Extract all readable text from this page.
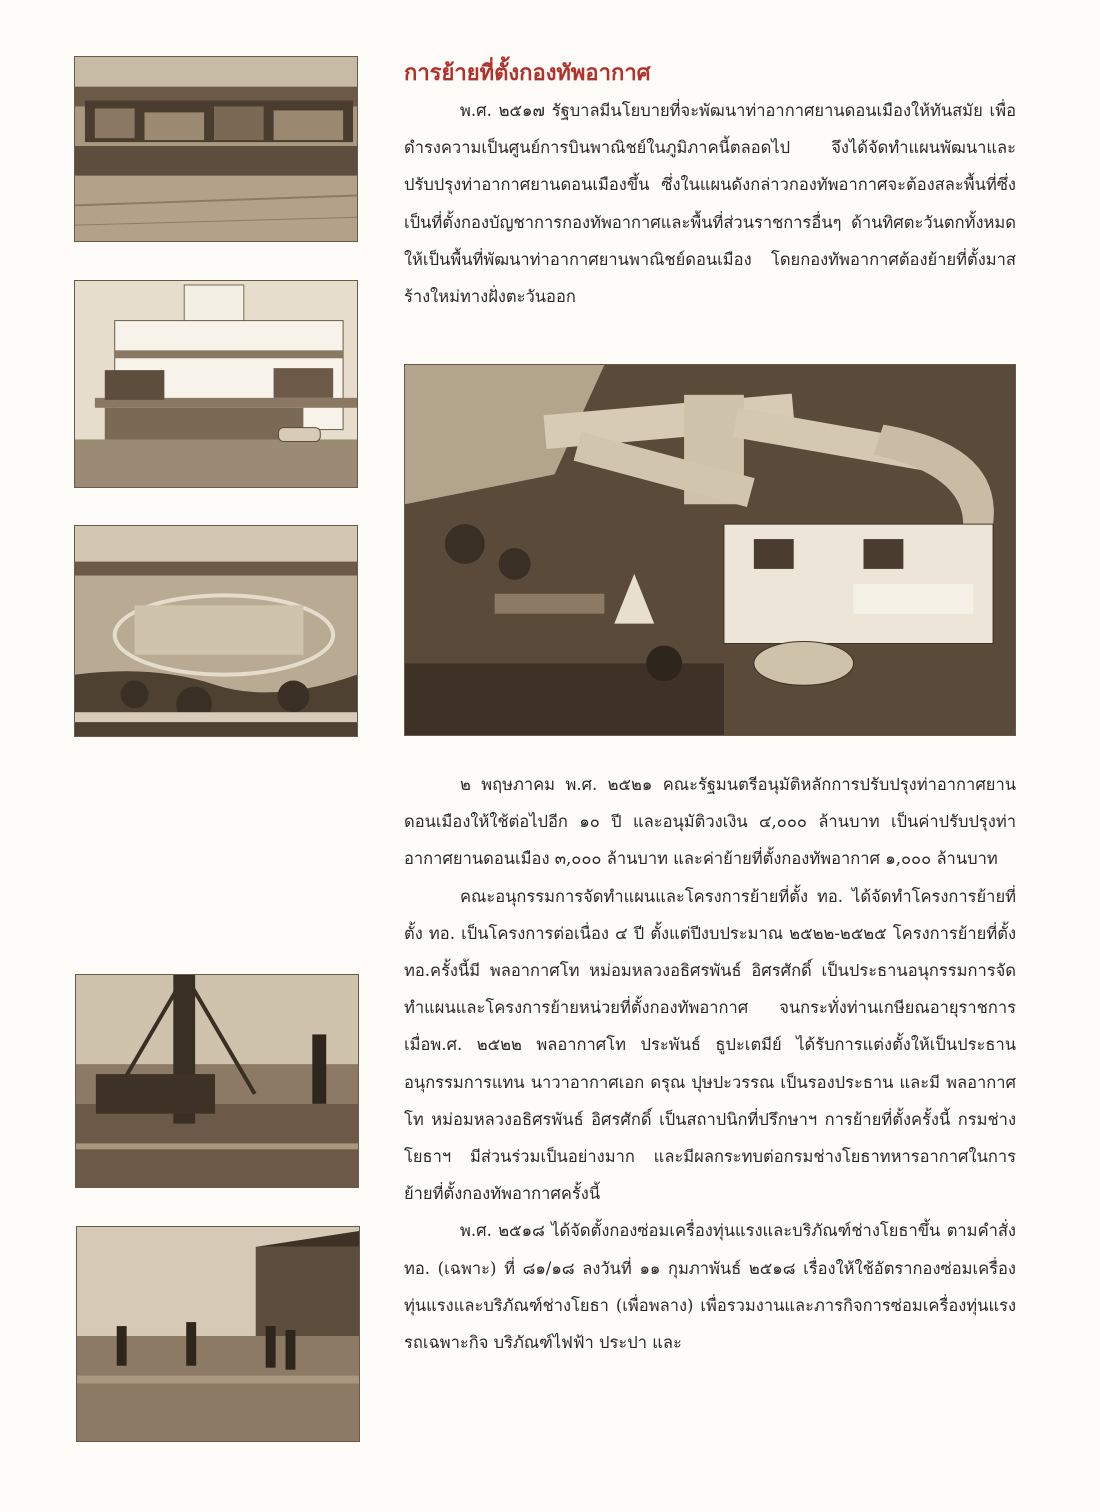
การย้ายที่ตั้งกองทัพอากาศ

พ.ศ. ๒๕๑๗ รัฐบาลมีนโยบายที่จะพัฒนาท่าอากาศยานดอนเมืองให้ทันสมัย เพื่อดำรงความเป็นศูนย์การบินพาณิชย์ในภูมิภาคนี้ตลอดไป จึงได้จัดทำแผนพัฒนาและปรับปรุงท่าอากาศยานดอนเมืองขึ้น ซึ่งในแผนดังกล่าวกองทัพอากาศจะต้องสละพื้นที่ซึ่งเป็นที่ตั้งกองบัญชาการกองทัพอากาศและพื้นที่ส่วนราชการอื่นๆ ด้านทิศตะวันตกทั้งหมด ให้เป็นพื้นที่พัฒนาท่าอากาศยานพาณิชย์ดอนเมือง โดยกองทัพอากาศต้องย้ายที่ตั้งมาสร้างใหม่ทางฝั่งตะวันออก

๒ พฤษภาคม พ.ศ. ๒๕๒๑ คณะรัฐมนตรีอนุมัติหลักการปรับปรุงท่าอากาศยานดอนเมืองให้ใช้ต่อไปอีก ๑๐ ปี และอนุมัติวงเงิน ๔,๐๐๐ ล้านบาท เป็นค่าปรับปรุงท่าอากาศยานดอนเมือง ๓,๐๐๐ ล้านบาท และค่าย้ายที่ตั้งกองทัพอากาศ ๑,๐๐๐ ล้านบาท

คณะอนุกรรมการจัดทำแผนและโครงการย้ายที่ตั้ง ทอ. ได้จัดทำโครงการย้ายที่ตั้ง ทอ. เป็นโครงการต่อเนื่อง ๔ ปี ตั้งแต่ปีงบประมาณ ๒๕๒๒-๒๕๒๕ โครงการย้ายที่ตั้ง ทอ.ครั้งนี้มี พลอากาศโท หม่อมหลวงอธิศรพันธ์ อิศรศักดิ์ เป็นประธานอนุกรรมการจัดทำแผนและโครงการย้ายหน่วยที่ตั้งกองทัพอากาศ จนกระทั่งท่านเกษียณอายุราชการ เมื่อพ.ศ. ๒๕๒๒ พลอากาศโท ประพันธ์ ธูปะเตมีย์ ได้รับการแต่งตั้งให้เป็นประธานอนุกรรมการแทน นาวาอากาศเอก ดรุณ ปุษปะวรรณ เป็นรองประธาน และมี พลอากาศโท หม่อมหลวงอธิศรพันธ์ อิศรศักดิ์ เป็นสถาปนิกที่ปรึกษาฯ การย้ายที่ตั้งครั้งนี้ กรมช่างโยธาฯ มีส่วนร่วมเป็นอย่างมาก และมีผลกระทบต่อกรมช่างโยธาทหารอากาศในการย้ายที่ตั้งกองทัพอากาศครั้งนี้

พ.ศ. ๒๕๑๘ ได้จัดตั้งกองซ่อมเครื่องทุ่นแรงและบริภัณฑ์ช่างโยธาขึ้น ตามคำสั่งทอ. (เฉพาะ) ที่ ๘๑/๑๘ ลงวันที่ ๑๑ กุมภาพันธ์ ๒๕๑๘ เรื่องให้ใช้อัตรากองซ่อมเครื่องทุ่นแรงและบริภัณฑ์ช่างโยธา (เพื่อพลาง) เพื่อรวมงานและภารกิจการซ่อมเครื่องทุ่นแรง รถเฉพาะกิจ บริภัณฑ์ไฟฟ้า ประปา และ
